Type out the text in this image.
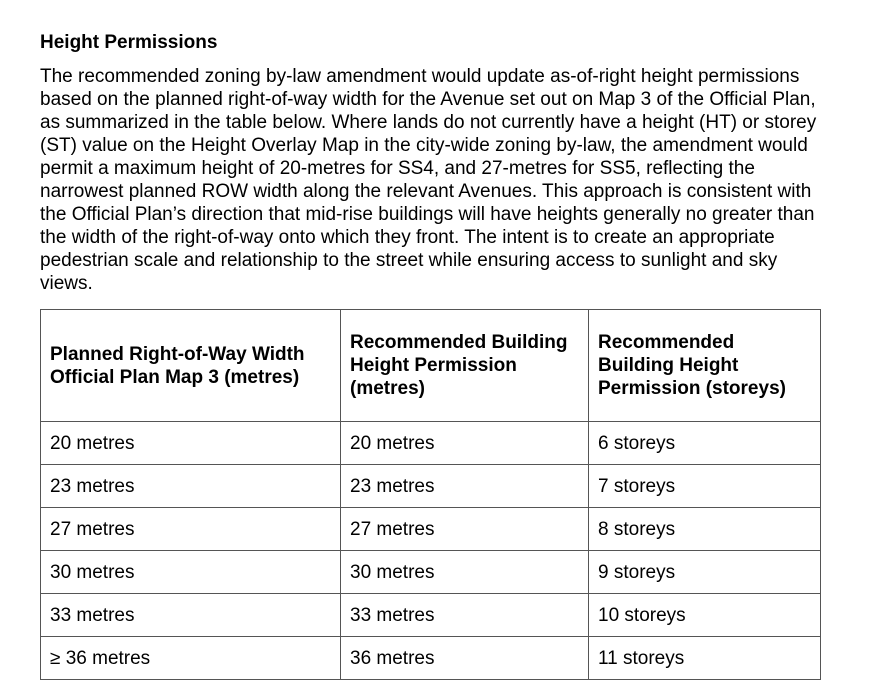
Height Permissions

The recommended zoning by-law amendment would update as-of-right height permissions based on the planned right-of-way width for the Avenue set out on Map 3 of the Official Plan, as summarized in the table below. Where lands do not currently have a height (HT) or storey (ST) value on the Height Overlay Map in the city-wide zoning by-law, the amendment would permit a maximum height of 20-metres for SS4, and 27-metres for SS5, reflecting the narrowest planned ROW width along the relevant Avenues. This approach is consistent with the Official Plan’s direction that mid-rise buildings will have heights generally no greater than the width of the right-of-way onto which they front. The intent is to create an appropriate pedestrian scale and relationship to the street while ensuring access to sunlight and sky views.

Planned Right-of-Way Width Official Plan Map 3 (metres)	Recommended Building Height Permission (metres)	Recommended Building Height Permission (storeys)
20 metres	20 metres	6 storeys
23 metres	23 metres	7 storeys
27 metres	27 metres	8 storeys
30 metres	30 metres	9 storeys
33 metres	33 metres	10 storeys
≥ 36 metres	36 metres	11 storeys
